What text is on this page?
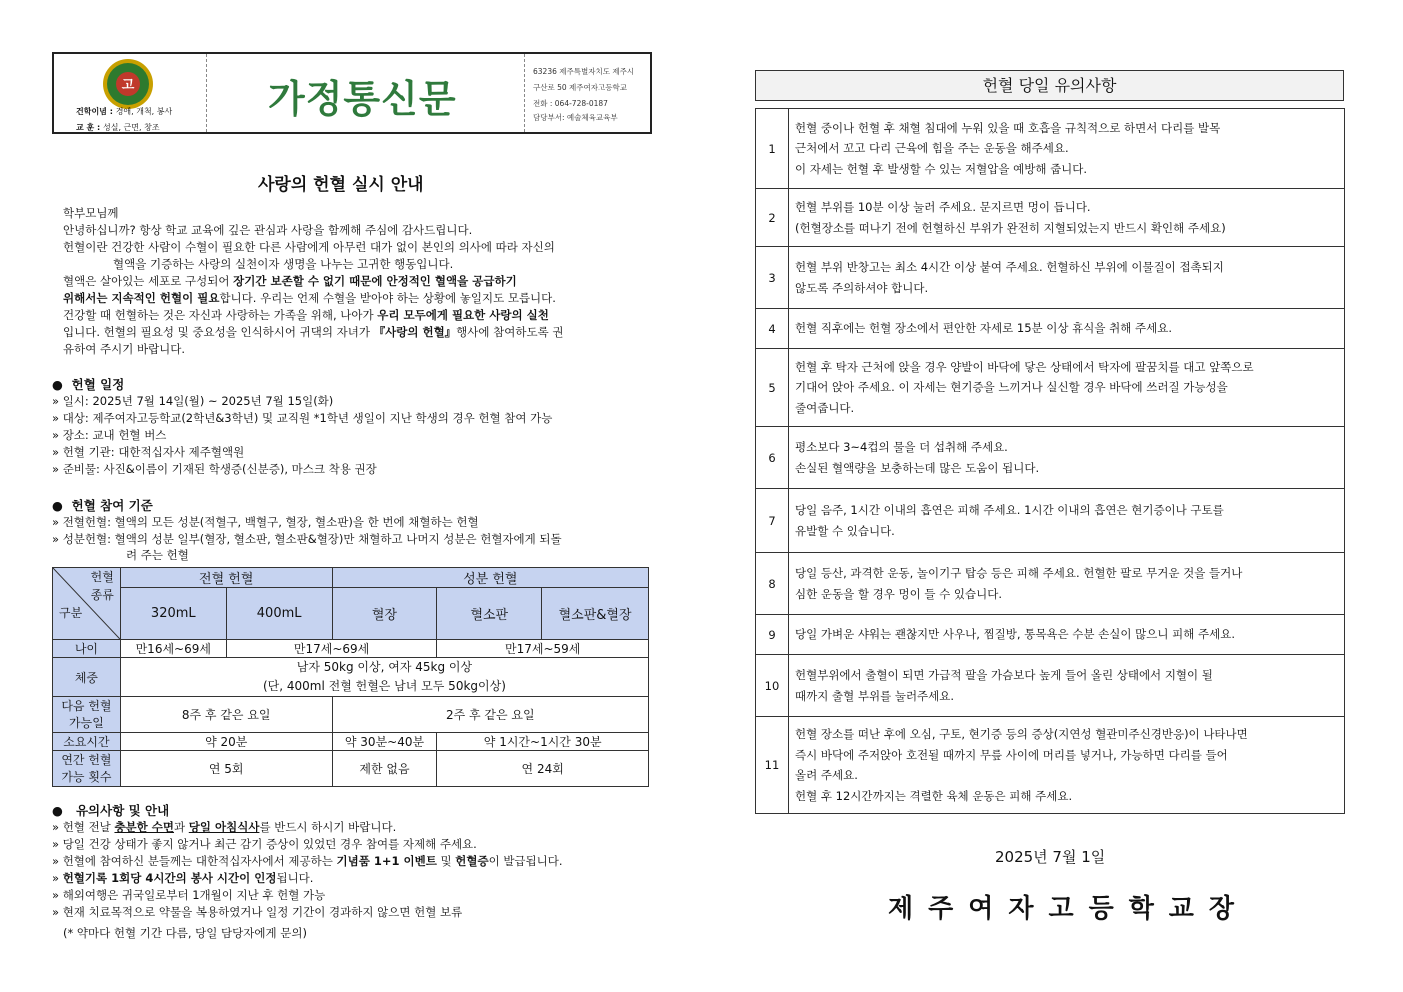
고
건학이념 : 경애, 개척, 봉사
교 훈 : 성실, 근면, 창조
가정통신문
63236 제주특별자치도 제주시
구산로 50 제주여자고등학교
전화 : 064-728-0187
담당부서: 예술체육교육부
사랑의 헌혈 실시 안내
학부모님께
안녕하십니까? 항상 학교 교육에 깊은 관심과 사랑을 함께해 주심에 감사드립니다.
헌혈이란 건강한 사람이 수혈이 필요한 다른 사람에게 아무런 대가 없이 본인의 의사에 따라 자신의
혈액을 기증하는 사랑의 실천이자 생명을 나누는 고귀한 행동입니다.
혈액은 살아있는 세포로 구성되어 장기간 보존할 수 없기 때문에 안정적인 혈액을 공급하기
위해서는 지속적인 헌혈이 필요합니다. 우리는 언제 수혈을 받아야 하는 상황에 놓일지도 모릅니다.
건강할 때 헌혈하는 것은 자신과 사랑하는 가족을 위해, 나아가 우리 모두에게 필요한 사랑의 실천
입니다. 헌혈의 필요성 및 중요성을 인식하시어 귀댁의 자녀가 『사랑의 헌혈』행사에 참여하도록 권
유하여 주시기 바랍니다.
●  헌혈 일정
» 일시: 2025년 7월 14일(월) ~ 2025년 7월 15일(화)
» 대상: 제주여자고등학교(2학년&3학년) 및 교직원 *1학년 생일이 지난 학생의 경우 헌혈 참여 가능
» 장소: 교내 헌혈 버스
» 헌혈 기관: 대한적십자사 제주혈액원
» 준비물: 사진&이름이 기재된 학생증(신분증), 마스크 착용 권장
●  헌혈 참여 기준
» 전혈헌혈: 혈액의 모든 성분(적혈구, 백혈구, 혈장, 혈소판)을 한 번에 채혈하는 헌혈
» 성분헌혈: 혈액의 성분 일부(혈장, 혈소판, 혈소판&혈장)만 채혈하고 나머지 성분은 헌혈자에게 되돌
려 주는 헌혈
헌혈
종류
구분	전혈 헌혈		성분 헌혈		
	320mL	400mL	혈장	혈소판	혈소판&혈장
나이	만16세~69세	만17세~69세		만17세~59세	
체중	남자 50kg 이상, 여자 45kg 이상
(단, 400ml 전혈 헌혈은 남녀 모두 50kg이상)				

다음 헌혈
가능일	8주 후 같은 요일		2주 후 같은 요일		
소요시간	약 20분		약 30분~40분	약 1시간~1시간 30분	

연간 헌혈
가능 횟수	연 5회		제한 없음	연 24회	
●   유의사항 및 안내
» 헌혈 전날 충분한 수면과 당일 아침식사를 반드시 하시기 바랍니다.
» 당일 건강 상태가 좋지 않거나 최근 감기 증상이 있었던 경우 참여를 자제해 주세요.
» 헌혈에 참여하신 분들께는 대한적십자사에서 제공하는 기념품 1+1 이벤트 및 헌혈증이 발급됩니다.
» 헌혈기록 1회당 4시간의 봉사 시간이 인정됩니다.
» 해외여행은 귀국일로부터 1개월이 지난 후 헌혈 가능
» 현재 치료목적으로 약물을 복용하였거나 일정 기간이 경과하지 않으면 헌혈 보류
(* 약마다 헌혈 기간 다름, 당일 담당자에게 문의)
헌혈 당일 유의사항
1	헌혈 중이나 헌혈 후 채혈 침대에 누워 있을 때 호흡을 규칙적으로 하면서 다리를 발목
근처에서 꼬고 다리 근육에 힘을 주는 운동을 해주세요.
이 자세는 헌혈 후 발생할 수 있는 저혈압을 예방해 줍니다.

2	헌혈 부위를 10분 이상 눌러 주세요. 문지르면 멍이 듭니다.
(헌혈장소를 떠나기 전에 헌혈하신 부위가 완전히 지혈되었는지 반드시 확인해 주세요)

3	헌혈 부위 반창고는 최소 4시간 이상 붙여 주세요. 헌혈하신 부위에 이물질이 접촉되지
않도록 주의하셔야 합니다.

4	헌혈 직후에는 헌혈 장소에서 편안한 자세로 15분 이상 휴식을 취해 주세요.

5	헌혈 후 탁자 근처에 앉을 경우 양발이 바닥에 닿은 상태에서 탁자에 팔꿈치를 대고 앞쪽으로
기대어 앉아 주세요. 이 자세는 현기증을 느끼거나 실신할 경우 바닥에 쓰러질 가능성을
줄여줍니다.

6	평소보다 3~4컵의 물을 더 섭취해 주세요.
손실된 혈액량을 보충하는데 많은 도움이 됩니다.

7	당일 음주, 1시간 이내의 흡연은 피해 주세요. 1시간 이내의 흡연은 현기증이나 구토를
유발할 수 있습니다.

8	당일 등산, 과격한 운동, 놀이기구 탑승 등은 피해 주세요. 헌혈한 팔로 무거운 것을 들거나
심한 운동을 할 경우 멍이 들 수 있습니다.

9	당일 가벼운 샤워는 괜찮지만 사우나, 찜질방, 통목욕은 수분 손실이 많으니 피해 주세요.

10	헌혈부위에서 출혈이 되면 가급적 팔을 가슴보다 높게 들어 올린 상태에서 지혈이 될
때까지 출혈 부위를 눌러주세요.

11	헌혈 장소를 떠난 후에 오심, 구토, 현기증 등의 증상(지연성 혈관미주신경반응)이 나타나면
즉시 바닥에 주저앉아 호전될 때까지 무릎 사이에 머리를 넣거나, 가능하면 다리를 들어
올려 주세요.
헌혈 후 12시간까지는 격렬한 육체 운동은 피해 주세요.
2025년 7월 1일
제주여자고등학교장
